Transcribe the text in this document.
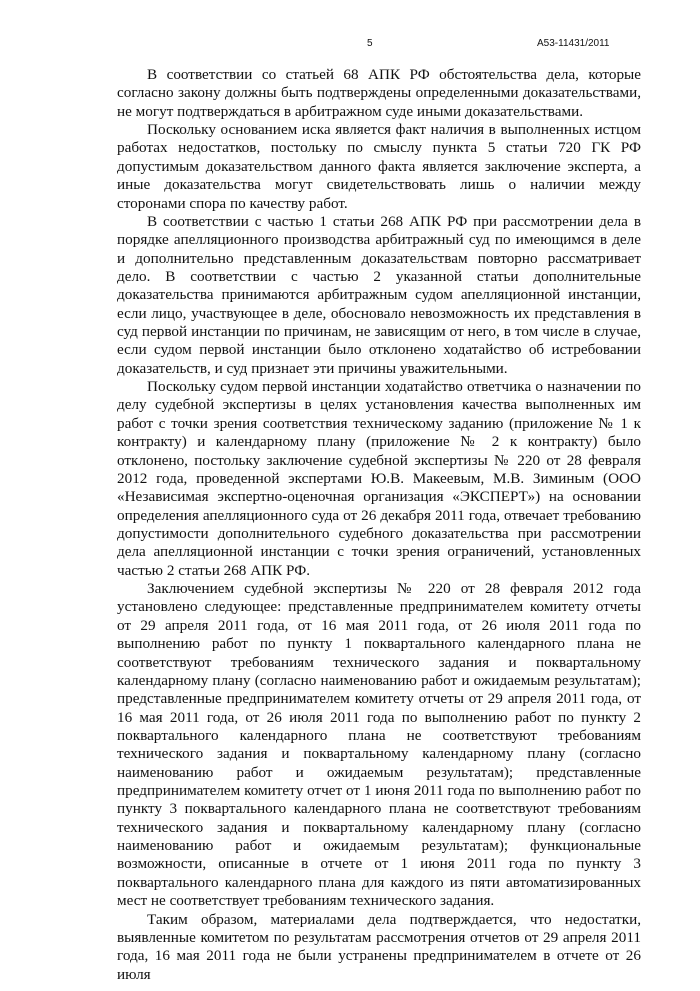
5	А53-11431/2011

В соответствии со статьей 68 АПК РФ обстоятельства дела, которые согласно закону должны быть подтверждены определенными доказательствами, не могут подтверждаться в арбитражном суде иными доказательствами.

Поскольку основанием иска является факт наличия в выполненных истцом работах недостатков, постольку по смыслу пункта 5 статьи 720 ГК РФ допустимым доказательством данного факта является заключение эксперта, а иные доказательства могут свидетельствовать лишь о наличии между сторонами спора по качеству работ.

В соответствии с частью 1 статьи 268 АПК РФ при рассмотрении дела в порядке апелляционного производства арбитражный суд по имеющимся в деле и дополнительно представленным доказательствам повторно рассматривает дело. В соответствии с частью 2 указанной статьи дополнительные доказательства принимаются арбитражным судом апелляционной инстанции, если лицо, участвующее в деле, обосновало невозможность их представления в суд первой инстанции по причинам, не зависящим от него, в том числе в случае, если судом первой инстанции было отклонено ходатайство об истребовании доказательств, и суд признает эти причины уважительными.

Поскольку судом первой инстанции ходатайство ответчика о назначении по делу судебной экспертизы в целях установления качества выполненных им работ с точки зрения соответствия техническому заданию (приложение № 1 к контракту) и календарному плану (приложение № 2 к контракту) было отклонено, постольку заключение судебной экспертизы № 220 от 28 февраля 2012 года, проведенной экспертами Ю.В. Макеевым, М.В. Зиминым (ООО «Независимая экспертно-оценочная организация «ЭКСПЕРТ») на основании определения апелляционного суда от 26 декабря 2011 года, отвечает требованию допустимости дополнительного судебного доказательства при рассмотрении дела апелляционной инстанции с точки зрения ограничений, установленных частью 2 статьи 268 АПК РФ.

Заключением судебной экспертизы № 220 от 28 февраля 2012 года установлено следующее: представленные предпринимателем комитету отчеты от 29 апреля 2011 года, от 16 мая 2011 года, от 26 июля 2011 года по выполнению работ по пункту 1 поквартального календарного плана не соответствуют требованиям технического задания и поквартальному календарному плану (согласно наименованию работ и ожидаемым результатам); представленные предпринимателем комитету отчеты от 29 апреля 2011 года, от 16 мая 2011 года, от 26 июля 2011 года по выполнению работ по пункту 2 поквартального календарного плана не соответствуют требованиям технического задания и поквартальному календарному плану (согласно наименованию работ и ожидаемым результатам); представленные предпринимателем комитету отчет от 1 июня 2011 года по выполнению работ по пункту 3 поквартального календарного плана не соответствуют требованиям технического задания и поквартальному календарному плану (согласно наименованию работ и ожидаемым результатам); функциональные возможности, описанные в отчете от 1 июня 2011 года по пункту 3 поквартального календарного плана для каждого из пяти автоматизированных мест не соответствует требованиям технического задания.

Таким образом, материалами дела подтверждается, что недостатки, выявленные комитетом по результатам рассмотрения отчетов от 29 апреля 2011 года, 16 мая 2011 года не были устранены предпринимателем в отчете от 26 июля
